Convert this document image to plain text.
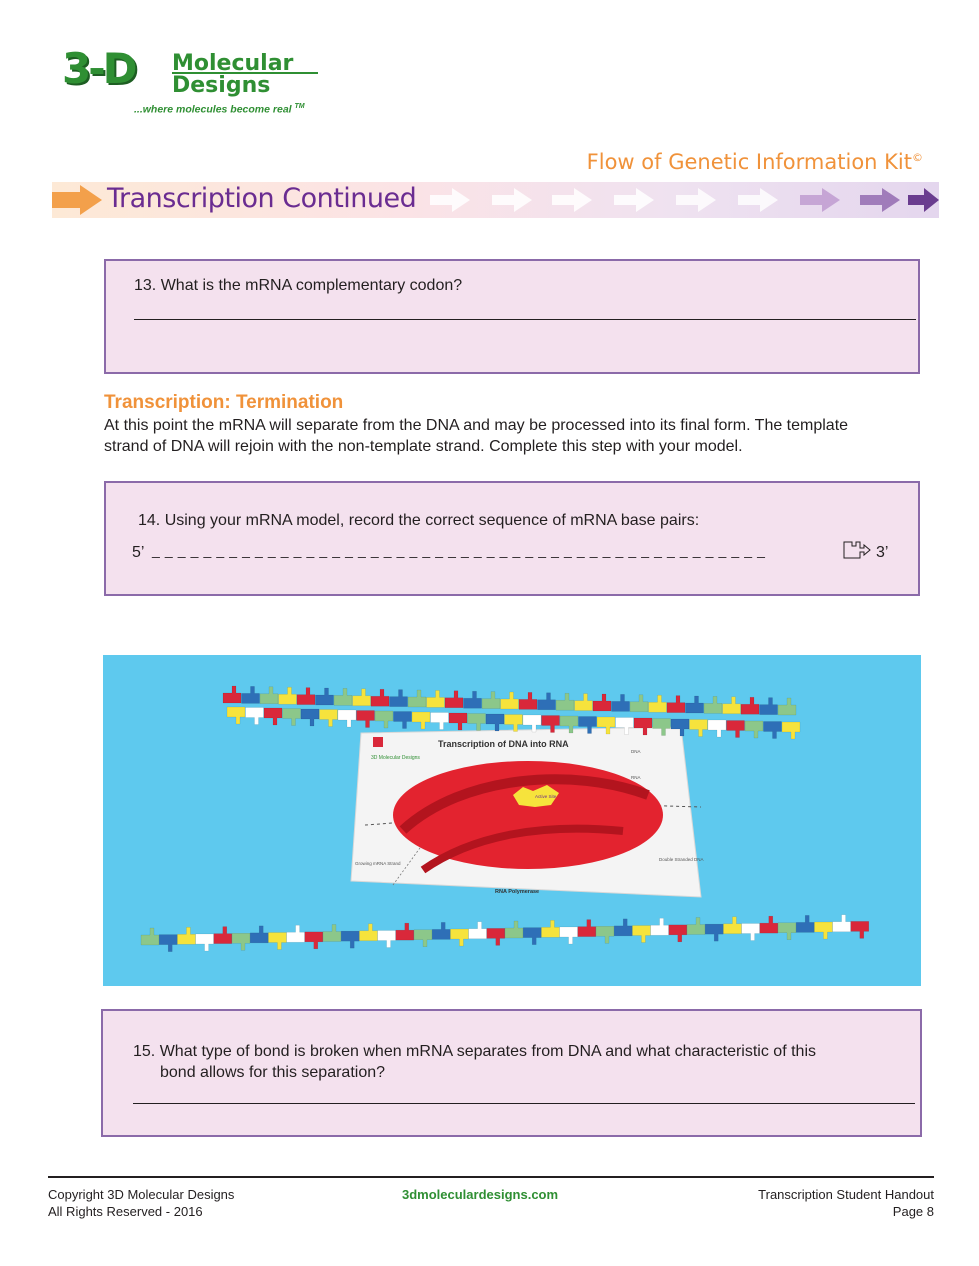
3-D Molecular
Designs
...where molecules become real ™
Flow of Genetic Information Kit©
Transcription Continued
13. What is the mRNA complementary codon?
Transcription: Termination
At this point the mRNA will separate from the DNA and may be processed into its final form. The template
strand of DNA will rejoin with the non-template strand. Complete this step with your model.
14. Using your mRNA model, record the correct sequence of mRNA base pairs:
5’ _ _ _ _ _ _ _ _ _ _ _ _ _ _ _ _ _ _ _ _ _ _ _ _ _ _ _ _ _ _ _ _ _ _ _ _ _ _ _ _ _ _ _ _ _ _ _ _	3’
Transcription of DNA into RNA
3D Molecular Designs
DNA
RNA
Active Site
RNA Polymerase
Growing mRNA Strand
Double Stranded DNA
15. What type of bond is broken when mRNA separates from DNA and what characteristic of this
bond allows for this separation?
Copyright 3D Molecular Designs
All Rights Reserved - 2016
3dmoleculardesigns.com	Transcription Student Handout
Page 8
